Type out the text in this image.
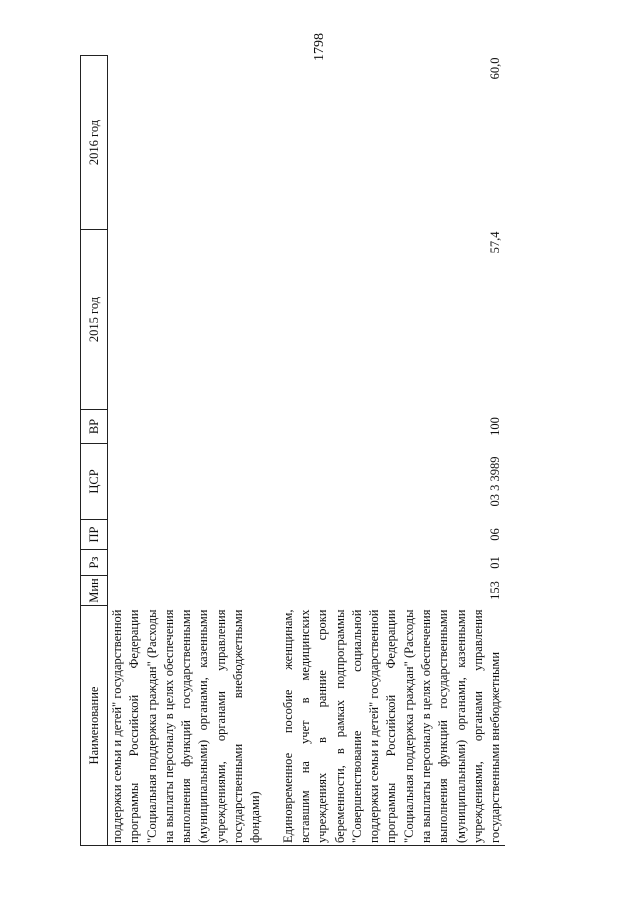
1798
Наименование	Мин	Рз	ПР	ЦСР	ВР	2015 год	2016 год

поддержки семьи и детей" государственной программы Российской Федерации "Социальная поддержка граждан" (Расходы на выплаты персоналу в целях обеспечения выполнения функций государственными (муниципальными) органами, казенными учреждениями, органами управления государственными внебюджетными фондами)							

Единовременное пособие женщинам, вставшим на учет в медицинских учреждениях в ранние сроки беременности, в рамках подпрограммы "Совершенствование социальной поддержки семьи и детей" государственной программы Российской Федерации "Социальная поддержка граждан" (Расходы на выплаты персоналу в целях обеспечения выполнения функций государственными (муниципальными) органами, казенными учреждениями, органами управления государственными внебюджетными	153	01	06	03 3 3989	100	57,4	60,0
